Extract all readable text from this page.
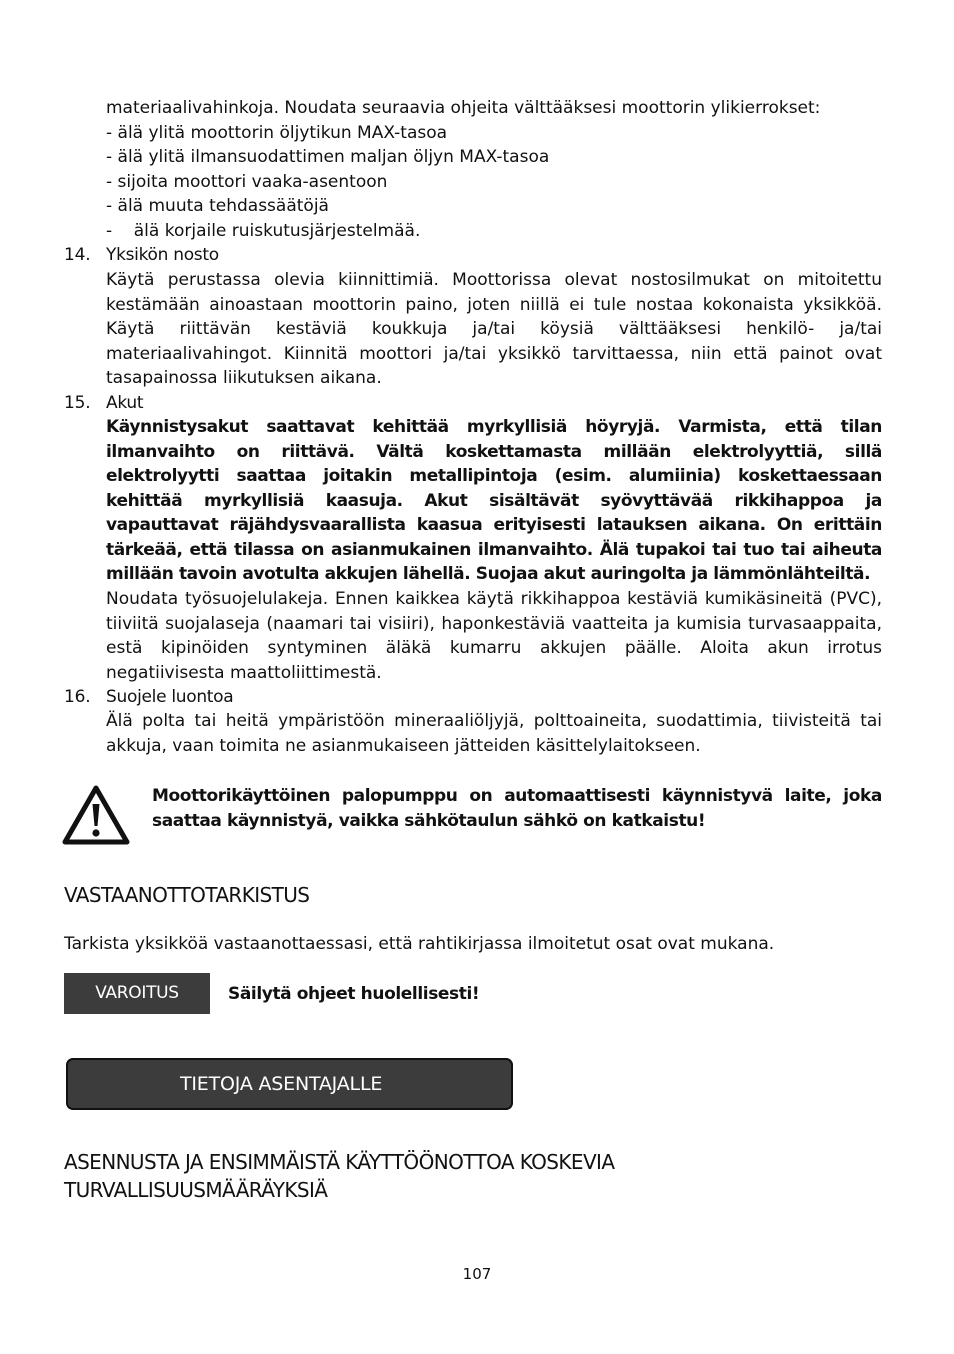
materiaalivahinkoja. Noudata seuraavia ohjeita välttääksesi moottorin ylikierrokset:
- älä ylitä moottorin öljytikun MAX-tasoa
- älä ylitä ilmansuodattimen maljan öljyn MAX-tasoa
- sijoita moottori vaaka-asentoon
- älä muuta tehdassäätöjä
-    älä korjaile ruiskutusjärjestelmää.
14. Yksikön nosto
Käytä perustassa olevia kiinnittimiä. Moottorissa olevat nostosilmukat on mitoitettu kestämään ainoastaan moottorin paino, joten niillä ei tule nostaa kokonaista yksikköä. Käytä riittävän kestäviä koukkuja ja/tai köysiä välttääksesi henkilö- ja/tai materiaalivahingot. Kiinnitä moottori ja/tai yksikkö tarvittaessa, niin että painot ovat tasapainossa liikutuksen aikana.
15. Akut
Käynnistysakut saattavat kehittää myrkyllisiä höyryjä. Varmista, että tilan ilmanvaihto on riittävä. Vältä koskettamasta millään elektrolyyttiä, sillä elektrolyytti saattaa joitakin metallipintoja (esim. alumiinia) koskettaessaan kehittää myrkyllisiä kaasuja. Akut sisältävät syövyttävää rikkihappoa ja vapauttavat räjähdysvaarallista kaasua erityisesti latauksen aikana. On erittäin tärkeää, että tilassa on asianmukainen ilmanvaihto. Älä tupakoi tai tuo tai aiheuta millään tavoin avotulta akkujen lähellä. Suojaa akut auringolta ja lämmönlähteiltä.
Noudata työsuojelulakeja. Ennen kaikkea käytä rikkihappoa kestäviä kumikäsineitä (PVC), tiiviitä suojalaseja (naamari tai visiiri), haponkestäviä vaatteita ja kumisia turvasaappaita, estä kipinöiden syntyminen äläkä kumarru akkujen päälle. Aloita akun irrotus negatiivisesta maattoliittimestä.
16. Suojele luontoa
Älä polta tai heitä ympäristöön mineraaliöljyjä, polttoaineita, suodattimia, tiivisteitä tai akkuja, vaan toimita ne asianmukaiseen jätteiden käsittelylaitokseen.
Moottorikäyttöinen palopumppu on automaattisesti käynnistyvä laite, joka saattaa käynnistyä, vaikka sähkötaulun sähkö on katkaistu!
VASTAANOTTOTARKISTUS
Tarkista yksikköä vastaanottaessasi, että rahtikirjassa ilmoitetut osat ovat mukana.
VAROITUS	Säilytä ohjeet huolellisesti!
TIETOJA ASENTAJALLE
ASENNUSTA JA ENSIMMÄISTÄ KÄYTTÖÖNOTTOA KOSKEVIA
TURVALLISUUSMÄÄRÄYKSIÄ
107
